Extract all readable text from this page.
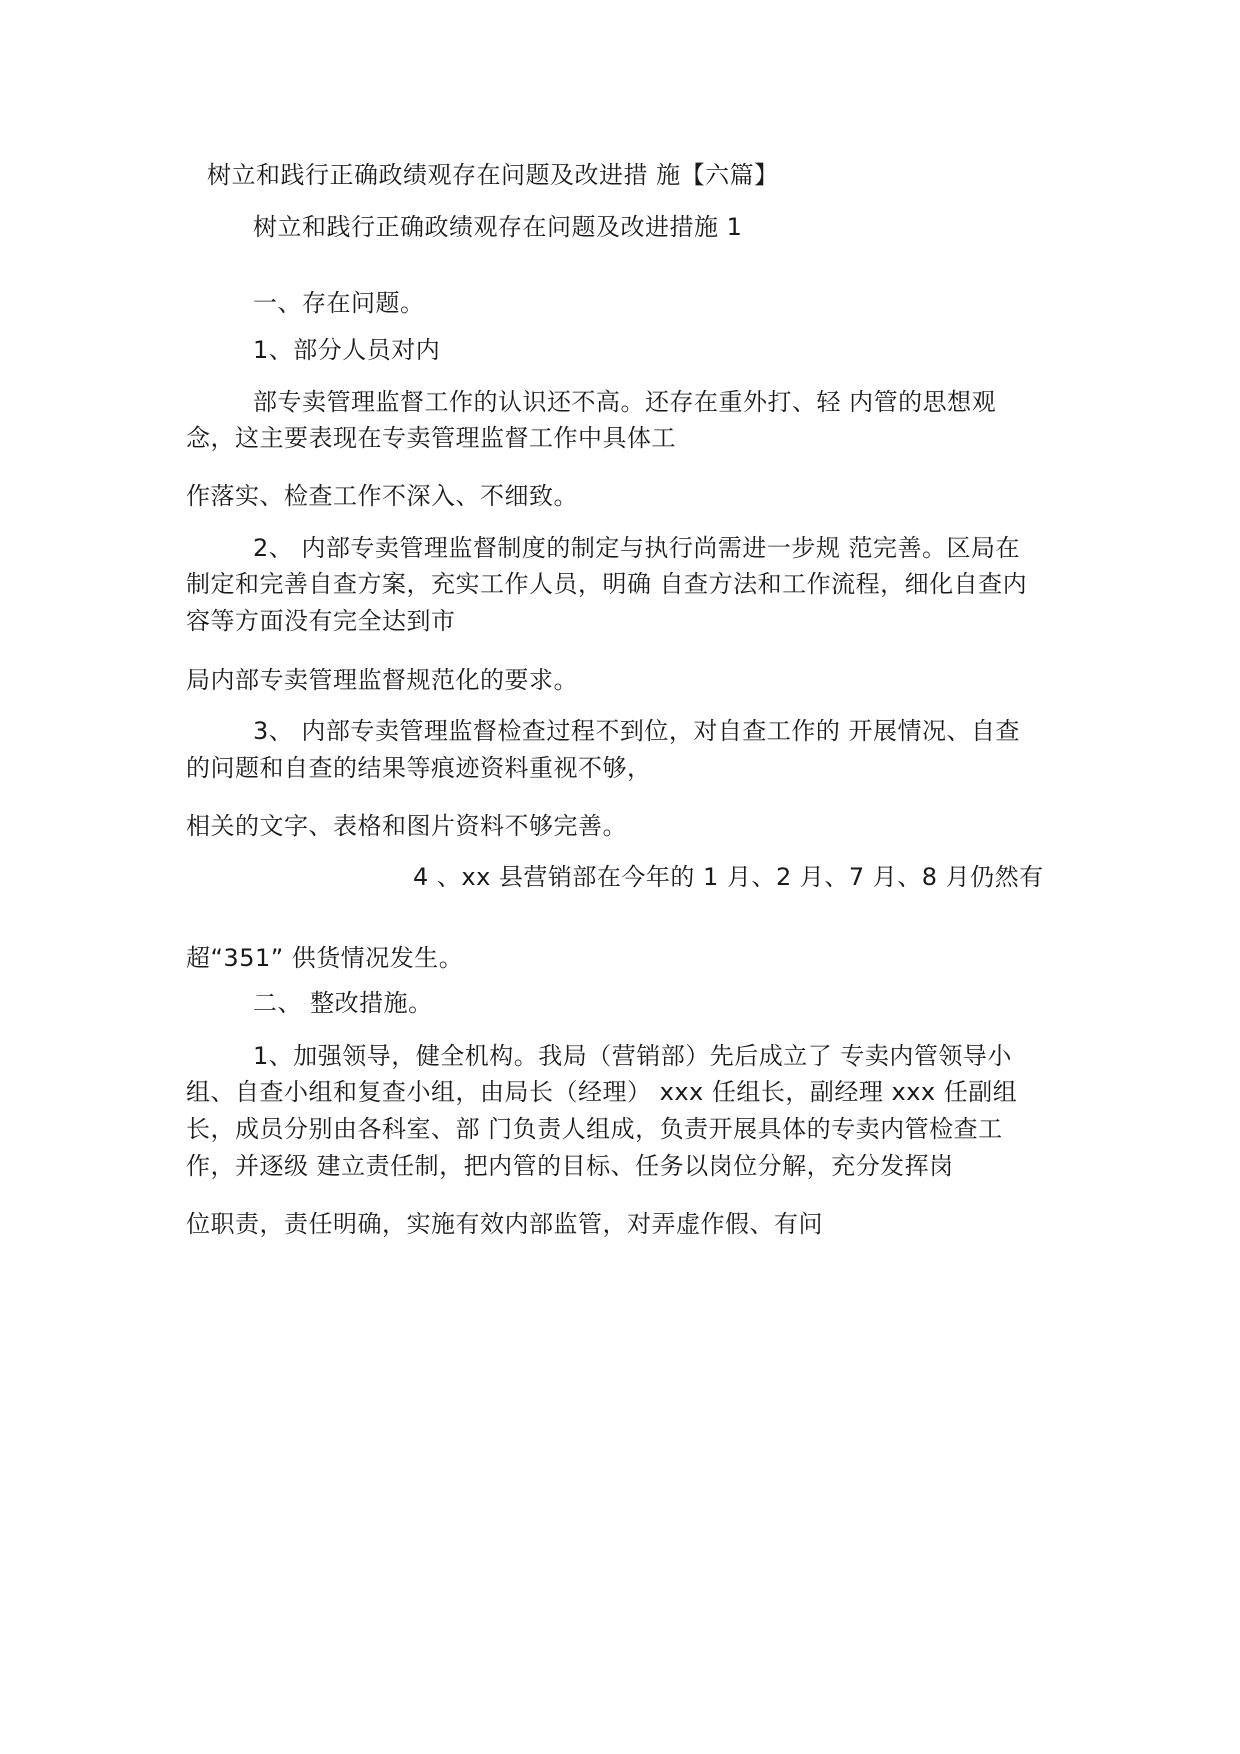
树立和践行正确政绩观存在问题及改进措 施【六篇】
树立和践行正确政绩观存在问题及改进措施 1
一、存在问题。
1、部分人员对内
部专卖管理监督工作的认识还不高。还存在重外打、轻 内管的思想观
念，这主要表现在专卖管理监督工作中具体工
作落实、检查工作不深入、不细致。
2、 内部专卖管理监督制度的制定与执行尚需进一步规 范完善。区局在
制定和完善自查方案，充实工作人员，明确 自查方法和工作流程，细化自查内
容等方面没有完全达到市
局内部专卖管理监督规范化的要求。
3、 内部专卖管理监督检查过程不到位，对自查工作的 开展情况、自查
的问题和自查的结果等痕迹资料重视不够，
相关的文字、表格和图片资料不够完善。
4 、xx 县营销部在今年的 1 月、2 月、7 月、8 月仍然有
超“351” 供货情况发生。
二、 整改措施。
1、加强领导，健全机构。我局（营销部）先后成立了 专卖内管领导小
组、自查小组和复查小组，由局长（经理） xxx 任组长，副经理 xxx 任副组
长，成员分别由各科室、部 门负责人组成，负责开展具体的专卖内管检查工
作，并逐级 建立责任制，把内管的目标、任务以岗位分解，充分发挥岗
位职责，责任明确，实施有效内部监管，对弄虚作假、有问
